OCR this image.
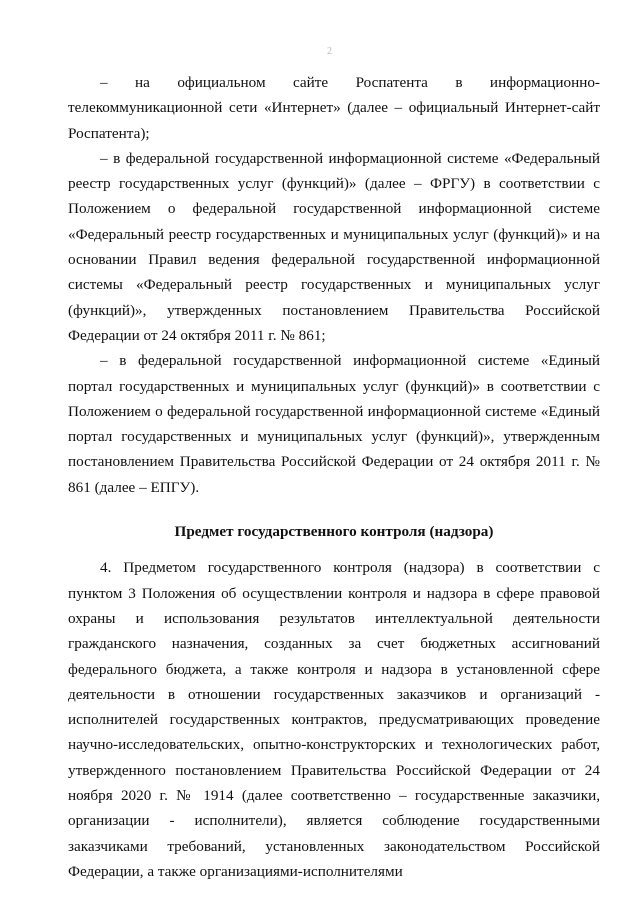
2

– на официальном сайте Роспатента в информационно-телекоммуникационной сети «Интернет» (далее – официальный Интернет-сайт Роспатента);

– в федеральной государственной информационной системе «Федеральный реестр государственных услуг (функций)» (далее – ФРГУ) в соответствии с Положением о федеральной государственной информационной системе «Федеральный реестр государственных и муниципальных услуг (функций)» и на основании Правил ведения федеральной государственной информационной системы «Федеральный реестр государственных и муниципальных услуг (функций)», утвержденных постановлением Правительства Российской Федерации от 24 октября 2011 г. № 861;

– в федеральной государственной информационной системе «Единый портал государственных и муниципальных услуг (функций)» в соответствии с Положением о федеральной государственной информационной системе «Единый портал государственных и муниципальных услуг (функций)», утвержденным постановлением Правительства Российской Федерации от 24 октября 2011 г. № 861 (далее – ЕПГУ).

Предмет государственного контроля (надзора)

4. Предметом государственного контроля (надзора) в соответствии с пунктом 3 Положения об осуществлении контроля и надзора в сфере правовой охраны и использования результатов интеллектуальной деятельности гражданского назначения, созданных за счет бюджетных ассигнований федерального бюджета, а также контроля и надзора в установленной сфере деятельности в отношении государственных заказчиков и организаций - исполнителей государственных контрактов, предусматривающих проведение научно-исследовательских, опытно-конструкторских и технологических работ, утвержденного постановлением Правительства Российской Федерации от 24 ноября 2020 г. № 1914 (далее соответственно – государственные заказчики, организации - исполнители), является соблюдение государственными заказчиками требований, установленных законодательством Российской Федерации, а также организациями-исполнителями
